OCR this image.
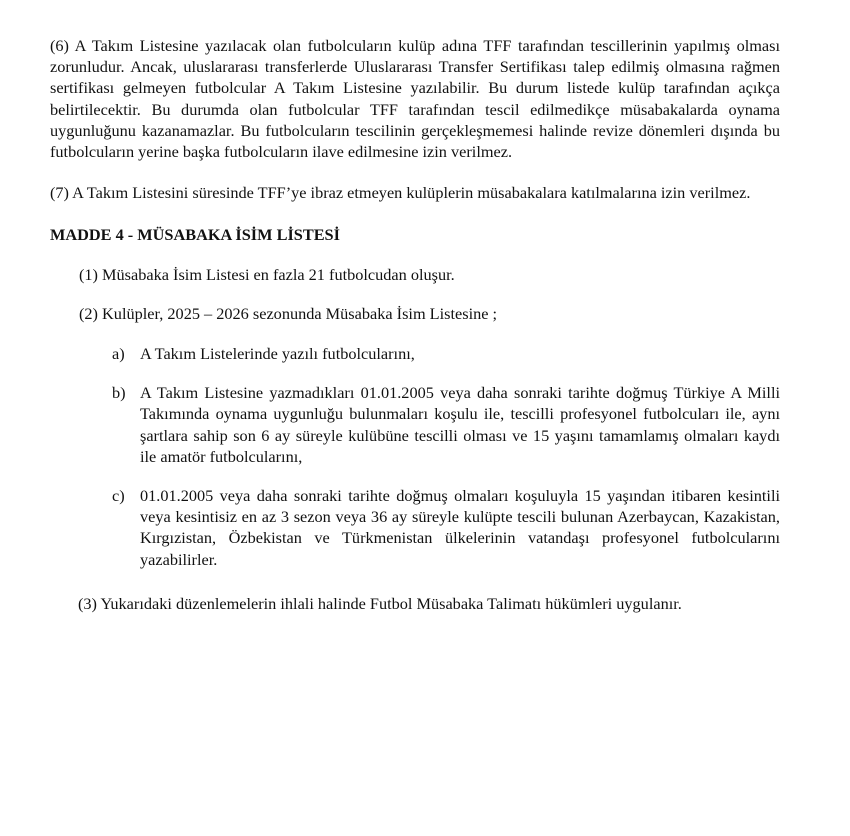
(6) A Takım Listesine yazılacak olan futbolcuların kulüp adına TFF tarafından tescillerinin yapılmış olması zorunludur. Ancak, uluslararası transferlerde Uluslararası Transfer Sertifikası talep edilmiş olmasına rağmen sertifikası gelmeyen futbolcular A Takım Listesine yazılabilir. Bu durum listede kulüp tarafından açıkça belirtilecektir. Bu durumda olan futbolcular TFF tarafından tescil edilmedikçe müsabakalarda oynama uygunluğunu kazanamazlar. Bu futbolcuların tescilinin gerçekleşmemesi halinde revize dönemleri dışında bu futbolcuların yerine başka futbolcuların ilave edilmesine izin verilmez.

(7) A Takım Listesini süresinde TFF’ye ibraz etmeyen kulüplerin müsabakalara katılmalarına izin verilmez.

MADDE 4 - MÜSABAKA İSİM LİSTESİ

(1) Müsabaka İsim Listesi en fazla 21 futbolcudan oluşur.

(2) Kulüpler, 2025 – 2026 sezonunda Müsabaka İsim Listesine ;

a) A Takım Listelerinde yazılı futbolcularını,
b) A Takım Listesine yazmadıkları 01.01.2005 veya daha sonraki tarihte doğmuş Türkiye A Milli Takımında oynama uygunluğu bulunmaları koşulu ile, tescilli profesyonel futbolcuları ile, aynı şartlara sahip son 6 ay süreyle kulübüne tescilli olması ve 15 yaşını tamamlamış olmaları kaydı ile amatör futbolcularını,
c) 01.01.2005 veya daha sonraki tarihte doğmuş olmaları koşuluyla 15 yaşından itibaren kesintili veya kesintisiz en az 3 sezon veya 36 ay süreyle kulüpte tescili bulunan Azerbaycan, Kazakistan, Kırgızistan, Özbekistan ve Türkmenistan ülkelerinin vatandaşı profesyonel futbolcularını yazabilirler.

(3) Yukarıdaki düzenlemelerin ihlali halinde Futbol Müsabaka Talimatı hükümleri uygulanır.
